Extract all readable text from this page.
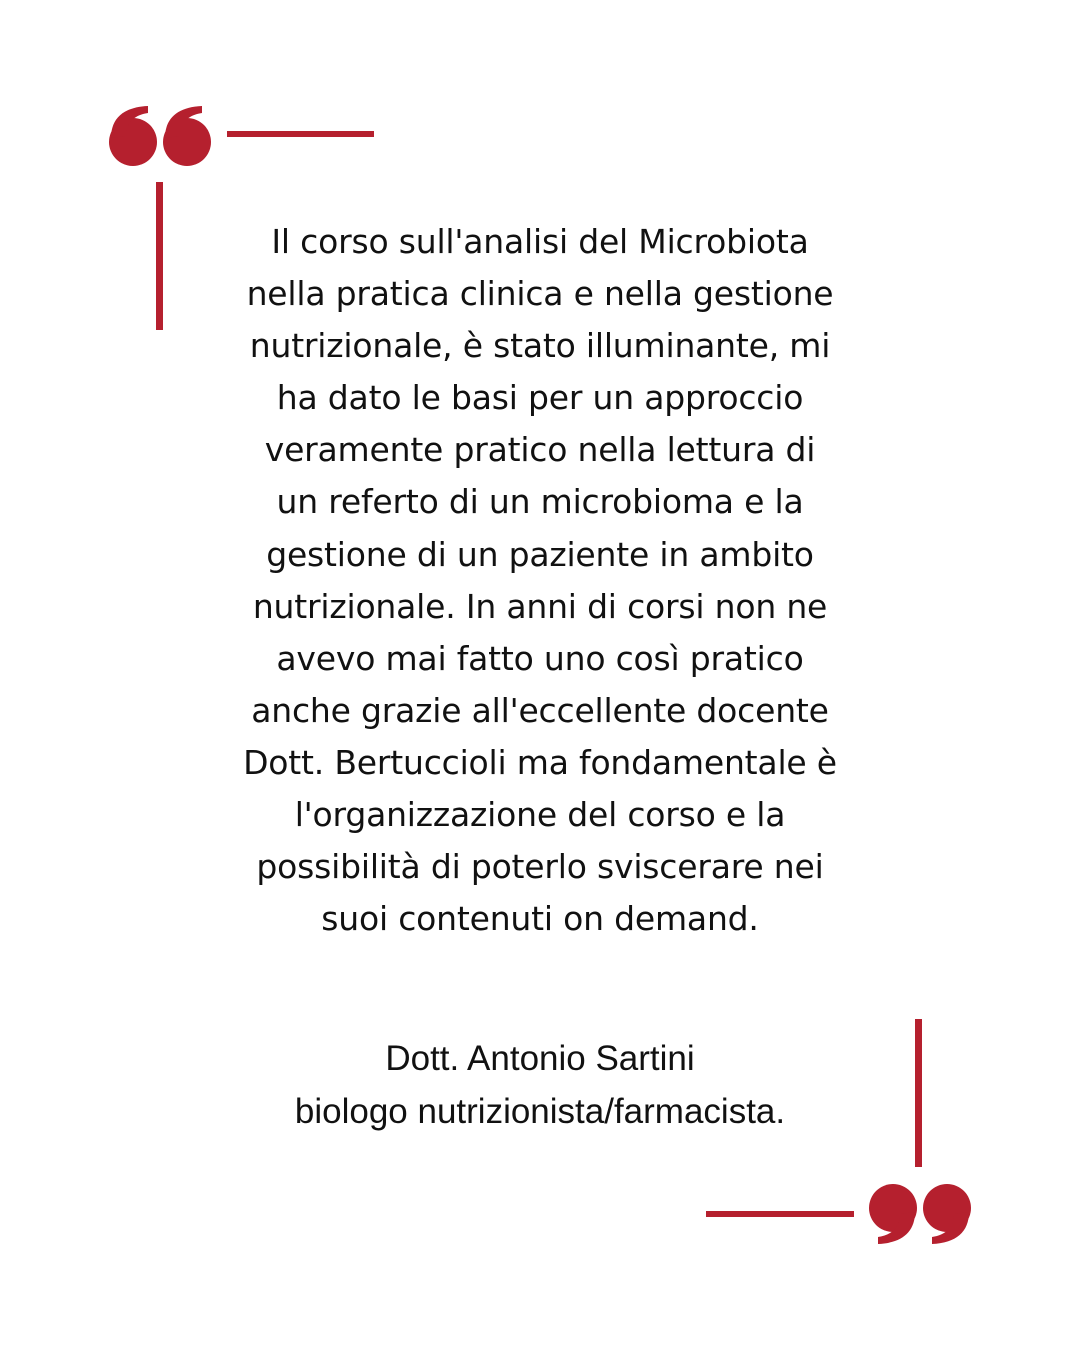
Il corso sull'analisi del Microbiota
nella pratica clinica e nella gestione
nutrizionale, è stato illuminante, mi
ha dato le basi per un approccio
veramente pratico nella lettura di
un referto di un microbioma e la
gestione di un paziente in ambito
nutrizionale. In anni di corsi non ne
avevo mai fatto uno così pratico
anche grazie all'eccellente docente
Dott. Bertuccioli ma fondamentale è
l'organizzazione del corso e la
possibilità di poterlo sviscerare nei
suoi contenuti on demand.
Dott. Antonio Sartini
biologo nutrizionista/farmacista.
